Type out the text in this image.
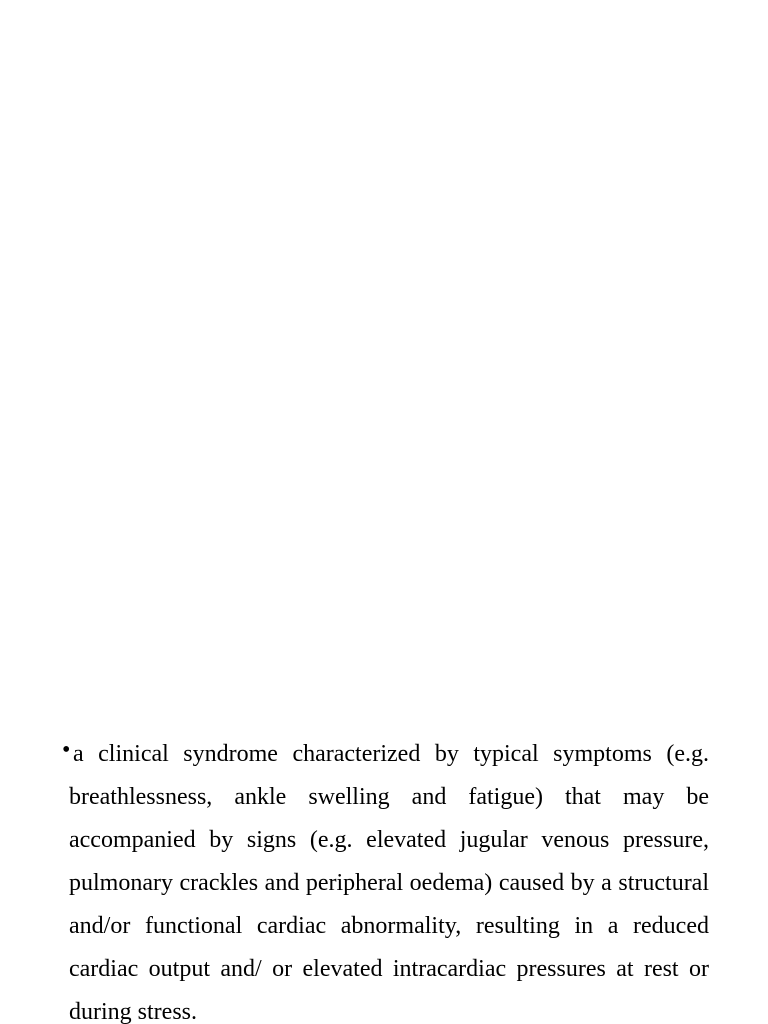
• a clinical syndrome characterized by typical symptoms (e.g. breathlessness, ankle swelling and fatigue) that may be accompanied by signs (e.g. elevated jugular venous pressure, pulmonary crackles and peripheral oedema) caused by a structural and/or functional cardiac abnormality, resulting in a reduced cardiac output and/ or elevated intracardiac pressures at rest or during stress.
